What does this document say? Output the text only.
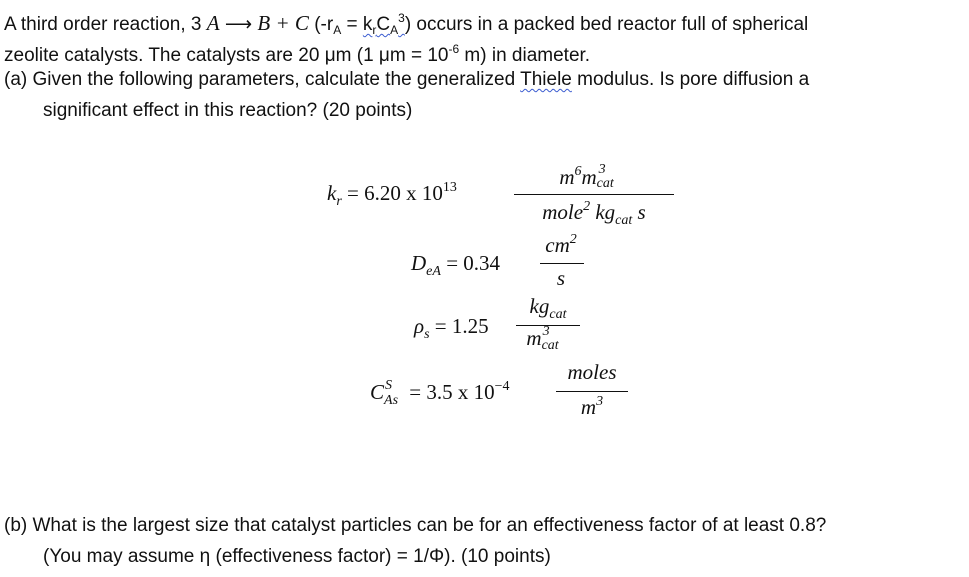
A third order reaction, 3 A ⟶ B + C $(-r_A = k_rC_A^3)$ occurs in a packed bed reactor full of spherical
zeolite catalysts. The catalysts are 20 μm (1 $\mu m = 10^{-6}$ m) in diameter.
(a) Given the following parameters, calculate the generalized Thiele modulus. Is pore diffusion a
significant effect in this reaction? (20 points)
$k_r = 6.20$ x $10^{13}$	$m^6m$ 3
cat
mole$^2$ $kg_{cat}$ s
$D_{eA} = 0.34$
$cm^2$
s
$\rho_s = 1.25$
$kg_{cat}$
m 3
cat
C S
As = 3.5 x $10^{-4}$
moles
$m^3$
(b) What is the largest size that catalyst particles can be for an effectiveness factor of at least 0.8?
(You may assume η (effectiveness factor) = 1/Φ). (10 points)
